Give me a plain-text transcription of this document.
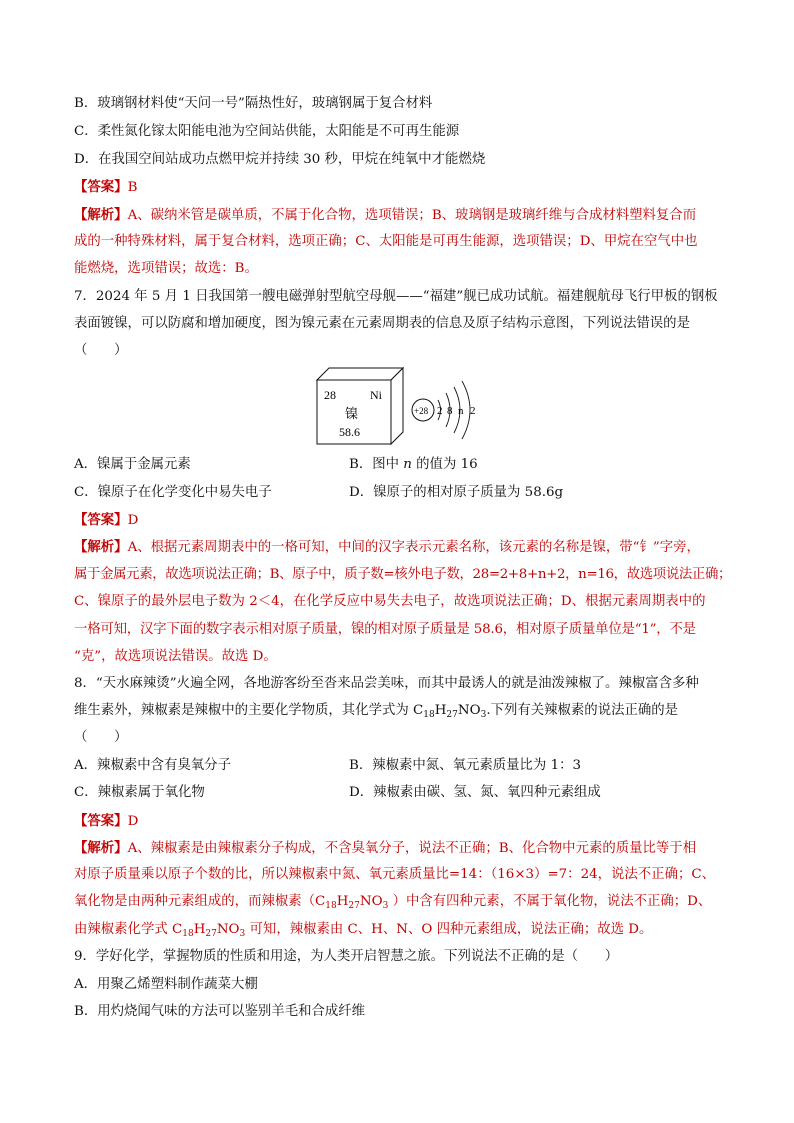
B．玻璃钢材料使“天问一号”隔热性好，玻璃钢属于复合材料
C．柔性氮化镓太阳能电池为空间站供能，太阳能是不可再生能源
D．在我国空间站成功点燃甲烷并持续 30 秒，甲烷在纯氧中才能燃烧
【答案】B
【解析】A、碳纳米管是碳单质，不属于化合物，选项错误；B、玻璃钢是玻璃纤维与合成材料塑料复合而
成的一种特殊材料，属于复合材料，选项正确；C、太阳能是可再生能源，选项错误；D、甲烷在空气中也
能燃烧，选项错误；故选：B。
7．2024 年 5 月 1 日我国第一艘电磁弹射型航空母舰——“福建”舰已成功试航。福建舰航母飞行甲板的钢板
表面镀镍，可以防腐和增加硬度，图为镍元素在元素周期表的信息及原子结构示意图，下列说法错误的是
（　　）
28	Ni
镍
58.6
+28 2 8 n 2
A．镍属于金属元素	B．图中 n 的值为 16
C．镍原子在化学变化中易失电子	D．镍原子的相对原子质量为 58.6g
【答案】D
【解析】A、根据元素周期表中的一格可知，中间的汉字表示元素名称，该元素的名称是镍，带“钅”字旁，
属于金属元素，故选项说法正确；B、原子中，质子数=核外电子数，28=2+8+n+2，n=16，故选项说法正确；
C、镍原子的最外层电子数为 2＜4，在化学反应中易失去电子，故选项说法正确；D、根据元素周期表中的
一格可知，汉字下面的数字表示相对原子质量，镍的相对原子质量是 58.6，相对原子质量单位是“1”，不是
“克”，故选项说法错误。故选 D。
8．“天水麻辣烫”火遍全网，各地游客纷至沓来品尝美味，而其中最诱人的就是油泼辣椒了。辣椒富含多种
维生素外，辣椒素是辣椒中的主要化学物质，其化学式为 $C_{18}H_{27}NO_3$.下列有关辣椒素的说法正确的是
（　　）
A．辣椒素中含有臭氧分子	B．辣椒素中氮、氧元素质量比为 1：3
C．辣椒素属于氧化物	D．辣椒素由碳、氢、氮、氧四种元素组成
【答案】D
【解析】A、辣椒素是由辣椒素分子构成，不含臭氧分子，说法不正确；B、化合物中元素的质量比等于相
对原子质量乘以原子个数的比，所以辣椒素中氮、氧元素质量比=14：（16×3）=7：24，说法不正确；C、
氧化物是由两种元素组成的，而辣椒素（$C_{18}H_{27}NO_3$ ）中含有四种元素，不属于氧化物，说法不正确；D、
由辣椒素化学式 $C_{18}H_{27}NO_3$ 可知，辣椒素由 C、H、N、O 四种元素组成，说法正确；故选 D。
9．学好化学，掌握物质的性质和用途，为人类开启智慧之旅。下列说法不正确的是（　　）
A．用聚乙烯塑料制作蔬菜大棚
B．用灼烧闻气味的方法可以鉴别羊毛和合成纤维
